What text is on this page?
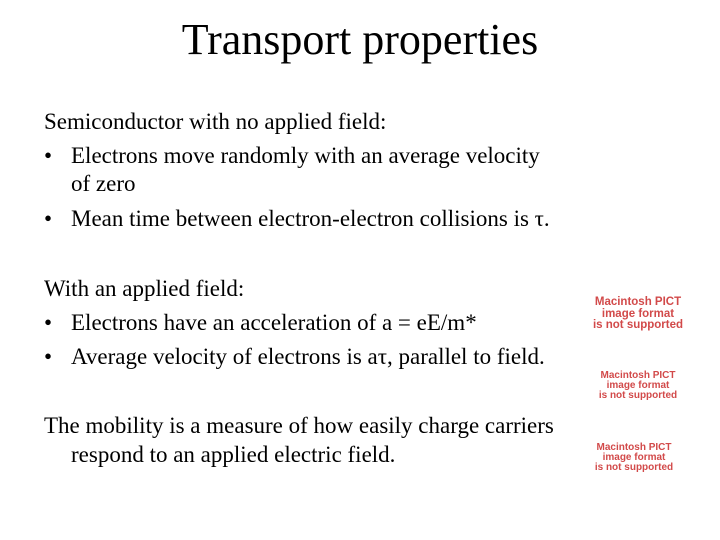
Transport properties
Semiconductor with no applied field:
• Electrons move randomly with an average velocity
of zero
• Mean time between electron-electron collisions is τ.
With an applied field:
• Electrons have an acceleration of a = eE/m*
• Average velocity of electrons is aτ, parallel to field.
The mobility is a measure of how easily charge carriers
respond to an applied electric field.
Macintosh PICT
image format
is not supported
Macintosh PICT
image format
is not supported
Macintosh PICT
image format
is not supported
